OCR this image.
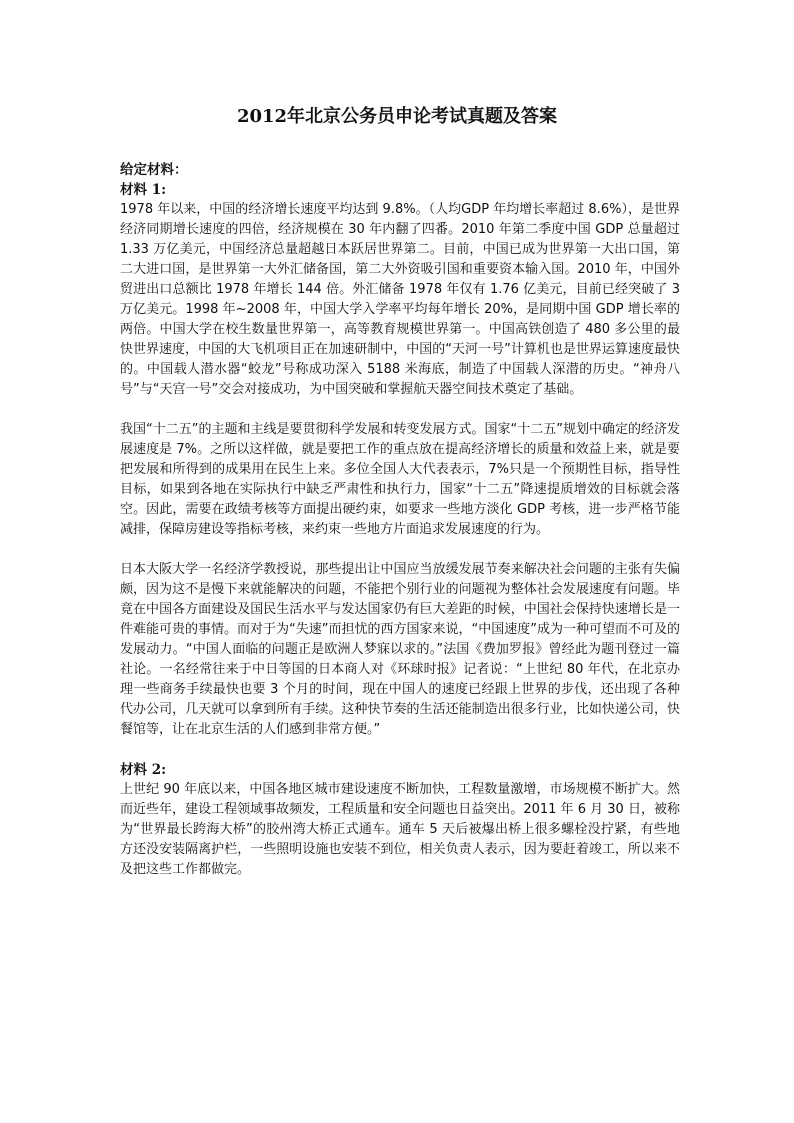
2012年北京公务员申论考试真题及答案

给定材料：

材料 1:

1978 年以来，中国的经济增长速度平均达到 9.8%。（人均GDP 年均增长率超过 8.6%），是世界经济同期增长速度的四倍，经济规模在 30 年内翻了四番。2010 年第二季度中国 GDP 总量超过 1.33 万亿美元，中国经济总量超越日本跃居世界第二。目前，中国已成为世界第一大出口国，第二大进口国，是世界第一大外汇储备国，第二大外资吸引国和重要资本输入国。2010 年，中国外贸进出口总额比 1978 年增长 144 倍。外汇储备 1978 年仅有 1.76 亿美元，目前已经突破了 3 万亿美元。1998 年~2008 年，中国大学入学率平均每年增长 20%，是同期中国 GDP 增长率的两倍。中国大学在校生数量世界第一，高等教育规模世界第一。中国高铁创造了 480 多公里的最快世界速度，中国的大飞机项目正在加速研制中，中国的“天河一号”计算机也是世界运算速度最快的。中国载人潜水器“蛟龙”号称成功深入 5188 米海底，制造了中国载人深潜的历史。“神舟八号”与“天宫一号”交会对接成功，为中国突破和掌握航天器空间技术奠定了基础。

我国“十二五”的主题和主线是要贯彻科学发展和转变发展方式。国家“十二五”规划中确定的经济发展速度是 7%。之所以这样做，就是要把工作的重点放在提高经济增长的质量和效益上来，就是要把发展和所得到的成果用在民生上来。多位全国人大代表表示，7%只是一个预期性目标，指导性目标，如果到各地在实际执行中缺乏严肃性和执行力，国家“十二五”降速提质增效的目标就会落空。因此，需要在政绩考核等方面提出硬约束，如要求一些地方淡化 GDP 考核，进一步严格节能减排，保障房建设等指标考核，来约束一些地方片面追求发展速度的行为。

日本大阪大学一名经济学教授说，那些提出让中国应当放缓发展节奏来解决社会问题的主张有失偏颇，因为这不是慢下来就能解决的问题，不能把个别行业的问题视为整体社会发展速度有问题。毕竟在中国各方面建设及国民生活水平与发达国家仍有巨大差距的时候，中国社会保持快速增长是一件难能可贵的事情。而对于为“失速”而担忧的西方国家来说，“中国速度”成为一种可望而不可及的发展动力。“中国人面临的问题正是欧洲人梦寐以求的。”法国《费加罗报》曾经此为题刊登过一篇社论。一名经常往来于中日等国的日本商人对《环球时报》记者说：“上世纪 80 年代，在北京办理一些商务手续最快也要 3 个月的时间，现在中国人的速度已经跟上世界的步伐，还出现了各种代办公司，几天就可以拿到所有手续。这种快节奏的生活还能制造出很多行业，比如快递公司，快餐馆等，让在北京生活的人们感到非常方便。”

材料 2:

上世纪 90 年底以来，中国各地区城市建设速度不断加快，工程数量激增，市场规模不断扩大。然而近些年，建设工程领域事故频发，工程质量和安全问题也日益突出。2011 年 6 月 30 日，被称为“世界最长跨海大桥”的胶州湾大桥正式通车。通车 5 天后被爆出桥上很多螺栓没拧紧，有些地方还没安装隔离护栏，一些照明设施也安装不到位，相关负责人表示，因为要赶着竣工，所以来不及把这些工作都做完。
